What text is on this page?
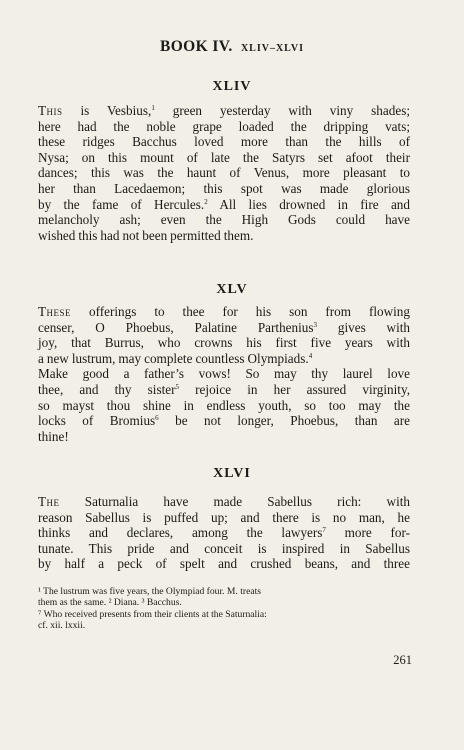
BOOK IV. XLIV–XLVI
XLIV
This is Vesbius,$^1$ green yesterday with viny shades;
here had the noble grape loaded the dripping vats;
these ridges Bacchus loved more than the hills of
Nysa; on this mount of late the Satyrs set afoot their
dances; this was the haunt of Venus, more pleasant to
her than Lacedaemon; this spot was made glorious
by the fame of Hercules.$^2$ All lies drowned in fire and
melancholy ash; even the High Gods could have
wished this had not been permitted them.
XLV
These offerings to thee for his son from flowing
censer, O Phoebus, Palatine Parthenius$^3$ gives with
joy, that Burrus, who crowns his first five years with
a new lustrum, may complete countless Olympiads.$^4$
Make good a father’s vows! So may thy laurel love
thee, and thy sister$^5$ rejoice in her assured virginity,
so mayst thou shine in endless youth, so too may the
locks of Bromius$^6$ be not longer, Phoebus, than are
thine!
XLVI
The Saturnalia have made Sabellus rich: with
reason Sabellus is puffed up; and there is no man, he
thinks and declares, among the lawyers$^7$ more for-
tunate. This pride and conceit is inspired in Sabellus
by half a peck of spelt and crushed beans, and three
¹ The lustrum was five years, the Olympiad four. M. treats
them as the same. ² Diana. ³ Bacchus.
⁷ Who received presents from their clients at the Saturnalia:
cf. xii. lxxii.
261
